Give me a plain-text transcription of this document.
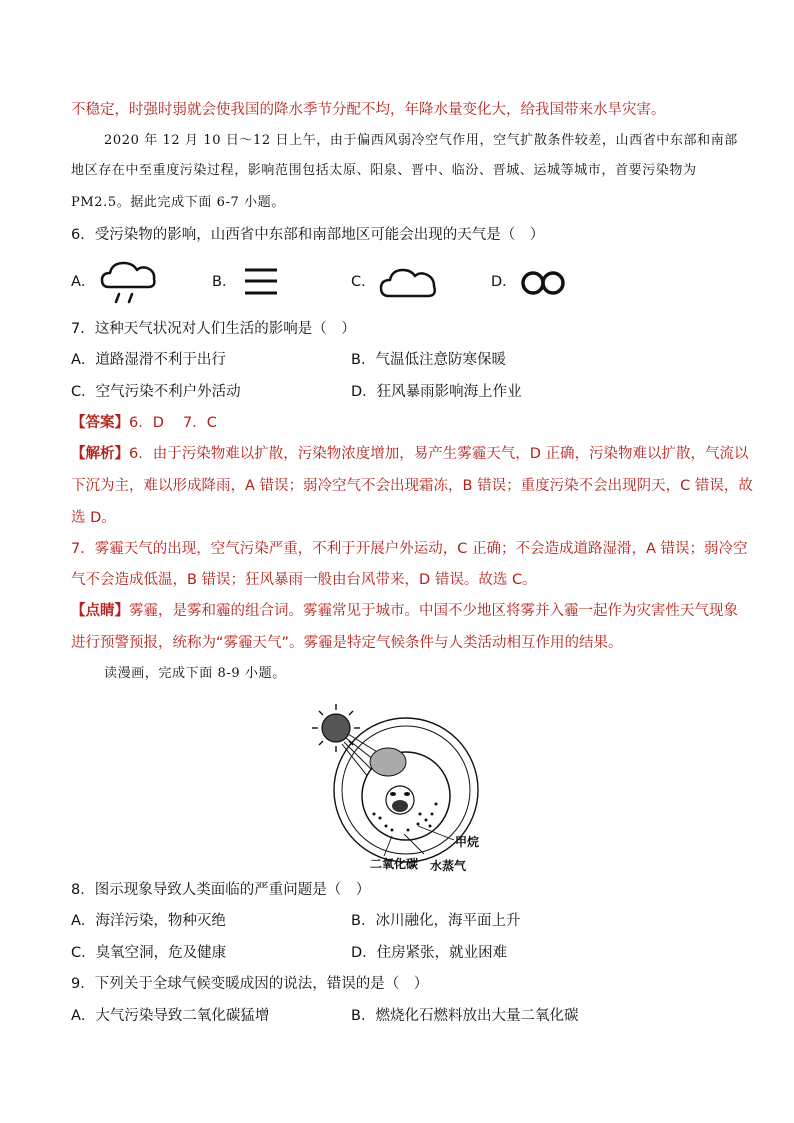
不稳定，时强时弱就会使我国的降水季节分配不均，年降水量变化大，给我国带来水旱灾害。
2020 年 12 月 10 日～12 日上午，由于偏西风弱冷空气作用，空气扩散条件较差，山西省中东部和南部
地区存在中至重度污染过程，影响范围包括太原、阳泉、晋中、临汾、晋城、运城等城市，首要污染物为
PM2.5。据此完成下面 6-7 小题。
6．受污染物的影响，山西省中东部和南部地区可能会出现的天气是（　）
A．	B．	C．	D．
7．这种天气状况对人们生活的影响是（　）
A．道路湿滑不利于出行	B．气温低注意防寒保暖
C．空气污染不利户外活动	D．狂风暴雨影响海上作业
【答案】6．D　 7．C
【解析】6．由于污染物难以扩散，污染物浓度增加，易产生雾霾天气，D 正确，污染物难以扩散，气流以
下沉为主，难以形成降雨，A 错误；弱冷空气不会出现霜冻，B 错误；重度污染不会出现阴天，C 错误，故
选 D。
7．雾霾天气的出现，空气污染严重，不利于开展户外运动，C 正确；不会造成道路湿滑，A 错误；弱冷空
气不会造成低温，B 错误；狂风暴雨一般由台风带来，D 错误。故选 C。
【点睛】雾霾，是雾和霾的组合词。雾霾常见于城市。中国不少地区将雾并入霾一起作为灾害性天气现象
进行预警预报，统称为“雾霾天气”。雾霾是特定气候条件与人类活动相互作用的结果。
读漫画，完成下面 8-9 小题。
甲烷
二氧化碳 水蒸气
8．图示现象导致人类面临的严重问题是（　）
A．海洋污染，物种灭绝	B．冰川融化，海平面上升
C．臭氧空洞，危及健康	D．住房紧张，就业困难
9．下列关于全球气候变暖成因的说法，错误的是（　）
A．大气污染导致二氧化碳猛增	B．燃烧化石燃料放出大量二氧化碳
